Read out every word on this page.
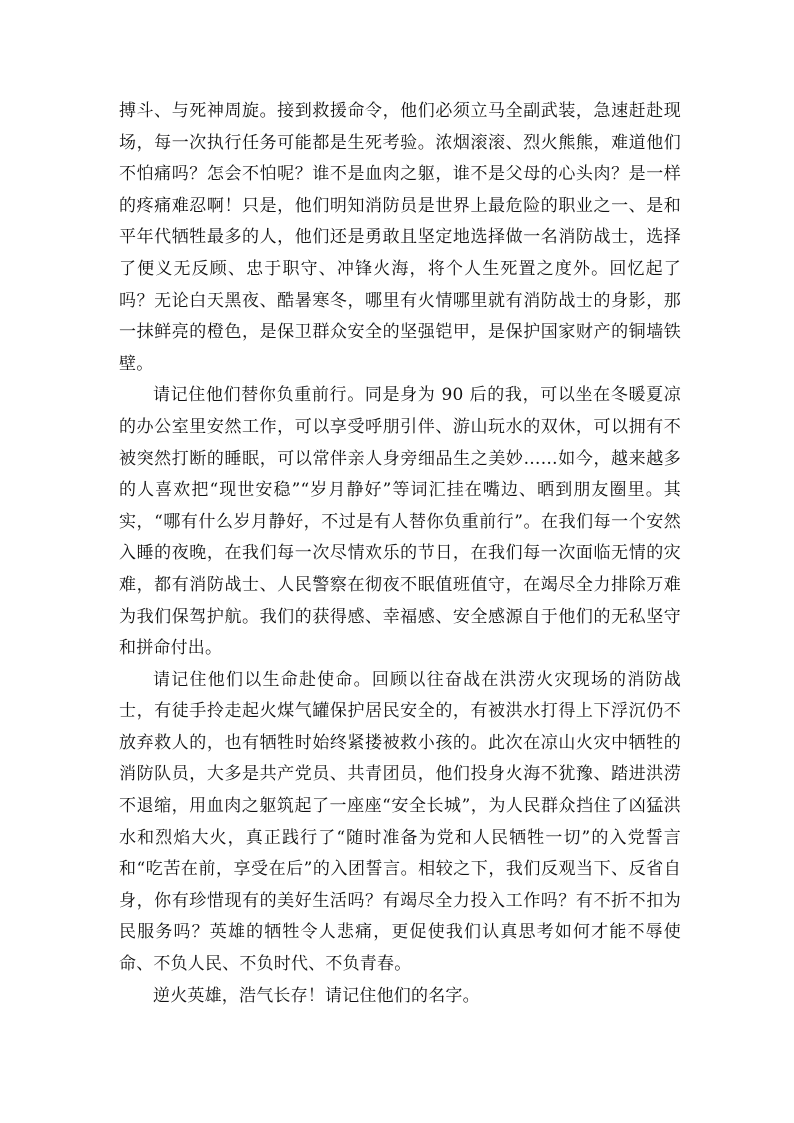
搏斗、与死神周旋。接到救援命令，他们必须立马全副武装，急速赶赴现场，每一次执行任务可能都是生死考验。浓烟滚滚、烈火熊熊，难道他们不怕痛吗？怎会不怕呢？谁不是血肉之躯，谁不是父母的心头肉？是一样的疼痛难忍啊！只是，他们明知消防员是世界上最危险的职业之一、是和平年代牺牲最多的人，他们还是勇敢且坚定地选择做一名消防战士，选择了便义无反顾、忠于职守、冲锋火海，将个人生死置之度外。回忆起了吗？无论白天黑夜、酷暑寒冬，哪里有火情哪里就有消防战士的身影，那一抹鲜亮的橙色，是保卫群众安全的坚强铠甲，是保护国家财产的铜墙铁壁。

请记住他们替你负重前行。同是身为 90 后的我，可以坐在冬暖夏凉的办公室里安然工作，可以享受呼朋引伴、游山玩水的双休，可以拥有不被突然打断的睡眠，可以常伴亲人身旁细品生之美妙……如今，越来越多的人喜欢把“现世安稳”“岁月静好”等词汇挂在嘴边、晒到朋友圈里。其实，“哪有什么岁月静好，不过是有人替你负重前行”。在我们每一个安然入睡的夜晚，在我们每一次尽情欢乐的节日，在我们每一次面临无情的灾难，都有消防战士、人民警察在彻夜不眠值班值守，在竭尽全力排除万难为我们保驾护航。我们的获得感、幸福感、安全感源自于他们的无私坚守和拼命付出。

请记住他们以生命赴使命。回顾以往奋战在洪涝火灾现场的消防战士，有徒手拎走起火煤气罐保护居民安全的，有被洪水打得上下浮沉仍不放弃救人的，也有牺牲时始终紧搂被救小孩的。此次在凉山火灾中牺牲的消防队员，大多是共产党员、共青团员，他们投身火海不犹豫、踏进洪涝不退缩，用血肉之躯筑起了一座座“安全长城”，为人民群众挡住了凶猛洪水和烈焰大火，真正践行了“随时准备为党和人民牺牲一切”的入党誓言和“吃苦在前，享受在后”的入团誓言。相较之下，我们反观当下、反省自身，你有珍惜现有的美好生活吗？有竭尽全力投入工作吗？有不折不扣为民服务吗？英雄的牺牲令人悲痛，更促使我们认真思考如何才能不辱使命、不负人民、不负时代、不负青春。

逆火英雄，浩气长存！请记住他们的名字。
